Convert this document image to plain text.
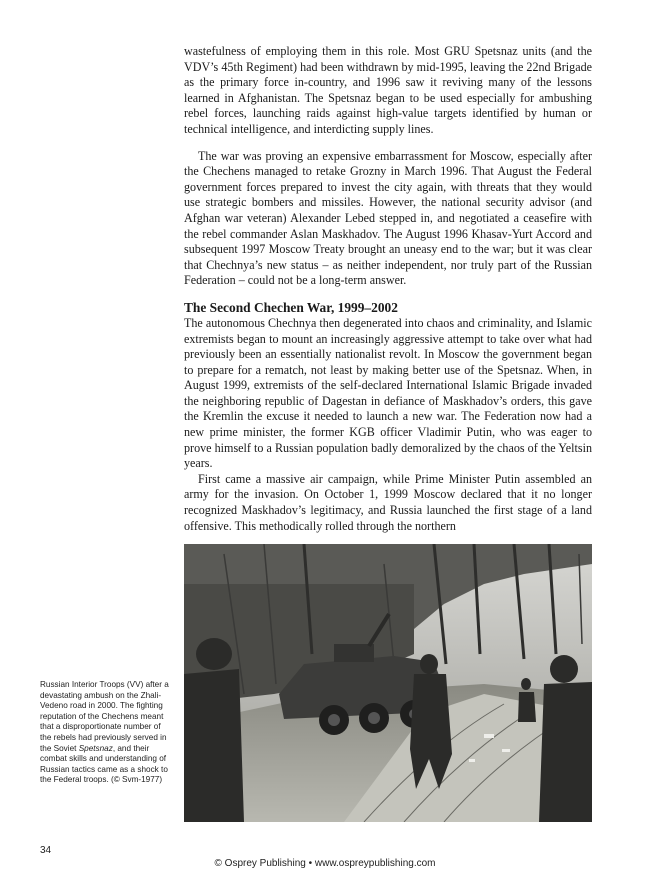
wastefulness of employing them in this role. Most GRU Spetsnaz units (and the VDV’s 45th Regiment) had been withdrawn by mid-1995, leaving the 22nd Brigade as the primary force in-country, and 1996 saw it reviving many of the lessons learned in Afghanistan. The Spetsnaz began to be used especially for ambushing rebel forces, launching raids against high-value targets identified by human or technical intelligence, and interdicting supply lines.

The war was proving an expensive embarrassment for Moscow, especially after the Chechens managed to retake Grozny in March 1996. That August the Federal government forces prepared to invest the city again, with threats that they would use strategic bombers and missiles. However, the national security advisor (and Afghan war veteran) Alexander Lebed stepped in, and negotiated a ceasefire with the rebel commander Aslan Maskhadov. The August 1996 Khasav-Yurt Accord and subsequent 1997 Moscow Treaty brought an uneasy end to the war; but it was clear that Chechnya’s new status – as neither independent, nor truly part of the Russian Federation – could not be a long-term answer.

The Second Chechen War, 1999–2002

The autonomous Chechnya then degenerated into chaos and criminality, and Islamic extremists began to mount an increasingly aggressive attempt to take over what had previously been an essentially nationalist revolt. In Moscow the government began to prepare for a rematch, not least by making better use of the Spetsnaz. When, in August 1999, extremists of the self-declared International Islamic Brigade invaded the neighboring republic of Dagestan in defiance of Maskhadov’s orders, this gave the Kremlin the excuse it needed to launch a new war. The Federation now had a new prime minister, the former KGB officer Vladimir Putin, who was eager to prove himself to a Russian population badly demoralized by the chaos of the Yeltsin years.

First came a massive air campaign, while Prime Minister Putin assembled an army for the invasion. On October 1, 1999 Moscow declared that it no longer recognized Maskhadov’s legitimacy, and Russia launched the first stage of a land offensive. This methodically rolled through the northern

Russian Interior Troops (VV) after a devastating ambush on the Zhali-Vedeno road in 2000. The fighting reputation of the Chechens meant that a disproportionate number of the rebels had previously served in the Soviet Spetsnaz, and their combat skills and understanding of Russian tactics came as a shock to the Federal troops. (© Svm-1977)
34
© Osprey Publishing • www.ospreypublishing.com
